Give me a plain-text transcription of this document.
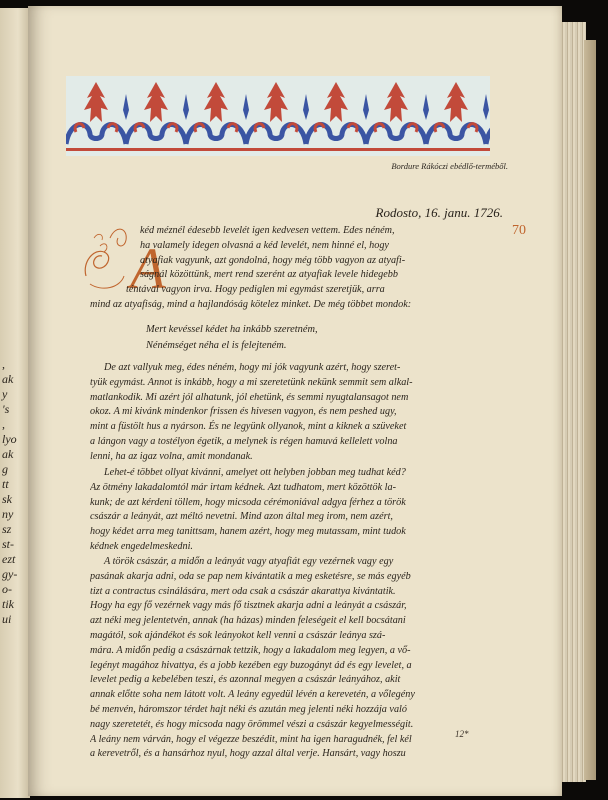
,
ak
y
's
,
lyo
ak
g
tt
sk
ny
sz
st-
ezt
gy-
o-
tik
ui
Bordure Rákóczi ebédlő-terméből.
Rodosto, 16. janu. 1726.
70
A
kéd méznél édesebb levelét igen kedvesen vettem. Edes néném,
ha valamely idegen olvasná a kéd levelét, nem hinné el, hogy
atyafiak vagyunk, azt gondolná, hogy még több vagyon az atyafi-
ságnál közöttünk, mert rend szerént az atyafiak levele hidegebb
téntával vagyon irva. Hogy pediglen mi egymást szeretjük, arra
mind az atyafiság, mind a hajlandóság kötelez minket. De még többet mondok:
Mert kevéssel kédet ha inkább szeretném,
Nénémséget néha el is felejteném.
De azt vallyuk meg, édes néném, hogy mi jók vagyunk azért, hogy szeret-
tyük egymást. Annot is inkább, hogy a mi szeretetünk nekünk semmit sem alkal-
matlankodik. Mi azért jól alhatunk, jól ehetünk, és semmi nyugtalansagot nem
okoz. A mi kivánk mindenkor frissen és hivesen vagyon, és nem peshed ugy,
mint a füstölt hus a nyárson. És ne legyünk ollyanok, mint a kiknek a szüveket
a lángon vagy a tostélyon égetik, a melynek is régen hamuvá kellelett volna
lenni, ha az igaz volna, amit mondanak.
Lehet-é többet ollyat kivánni, amelyet ott helyben jobban meg tudhat kéd?
Az ötmény lakadalomtól már irtam kédnek. Azt tudhatom, mert közöttök la-
kunk; de azt kérdeni töllem, hogy micsoda cérémoniával adgya férhez a török
császár a leányát, azt méltó nevetni. Mind azon által meg irom, nem azért,
hogy kédet arra meg tanittsam, hanem azért, hogy meg mutassam, mint tudok
kédnek engedelmeskedni.
A török császár, a midőn a leányát vagy atyafiát egy vezérnek vagy egy
pasának akarja adni, oda se pap nem kivántatik a meg esketésre, se más egyéb
tizt a contractus csinálására, mert oda csak a császár akarattya kivántatik.
Hogy ha egy fő vezérnek vagy más fő tisztnek akarja adni a leányát a császár,
azt néki meg jelentetvén, annak (ha házas) minden feleségeit el kell bocsátani
magától, sok ajándékot és sok leányokot kell venni a császár leánya szá-
mára. A midőn pedig a császárnak tettzik, hogy a lakadalom meg legyen, a vő-
legényt magához hivattya, és a jobb kezében egy buzogányt ád és egy levelet, a
levelet pedig a kebelében teszi, és azonnal megyen a császár leányához, akit
annak előtte soha nem látott volt. A leány egyedül lévén a kerevetén, a vőlegény
bé menvén, háromszor térdet hajt néki és azután meg jelenti néki hozzája való
nagy szeretetét, és hogy micsoda nagy örömmel vészi a császár kegyelmességit.
A leány nem várván, hogy el végezze beszédit, mint ha igen haragudnék, fel kél
a kerevetről, és a hansárhoz nyul, hogy azzal által verje. Hansárt, vagy hoszu
12*
